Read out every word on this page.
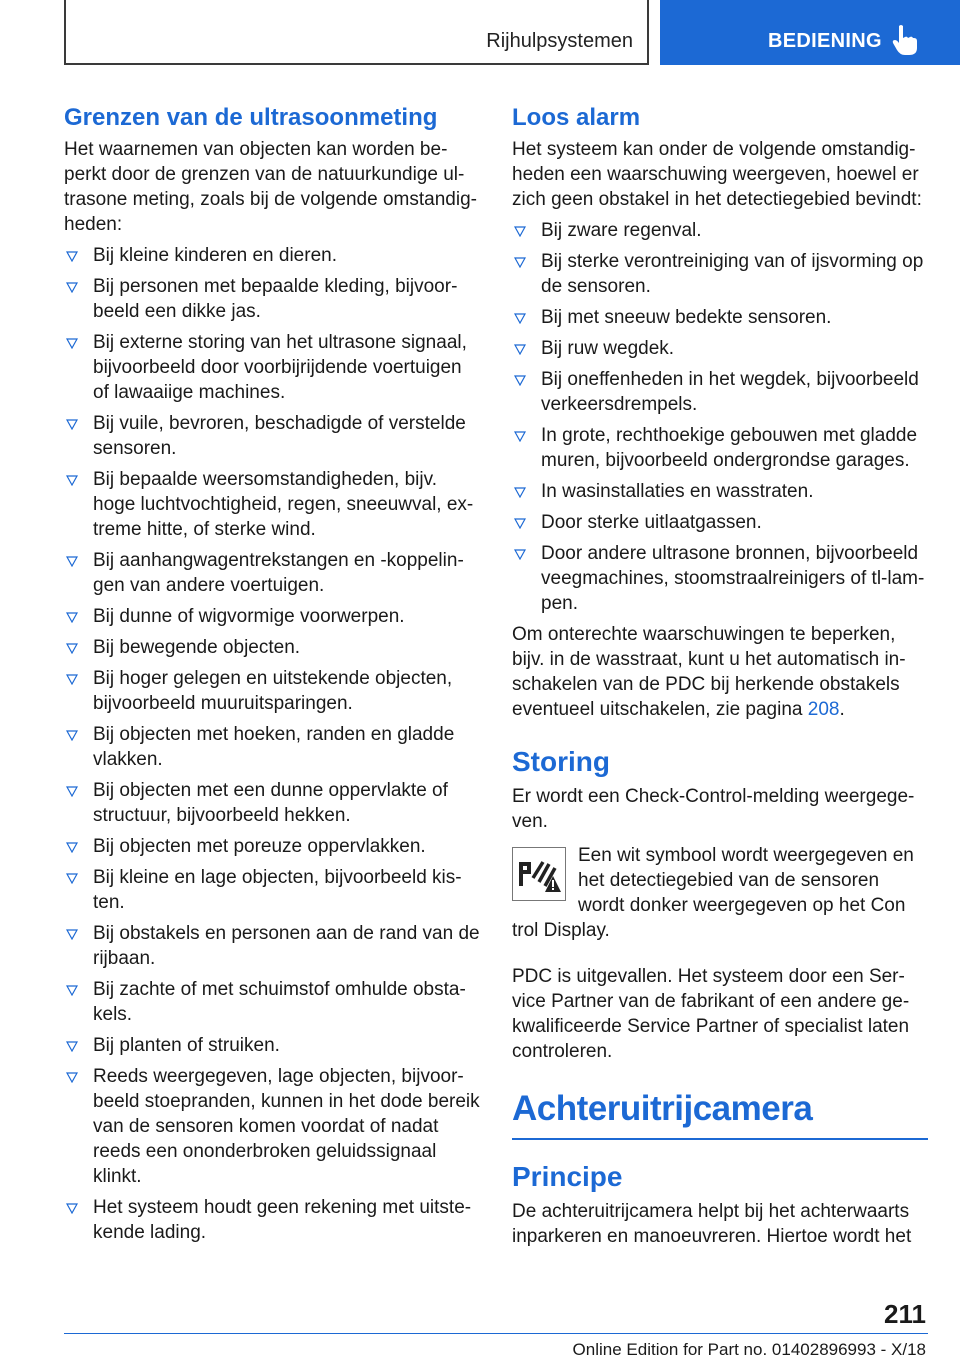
Rijhulpsystemen	BEDIENING
Grenzen van de ultrasoonmeting
Het waarnemen van objecten kan worden beperkt door de grenzen van de natuurkundige ultrasone meting, zoals bij de volgende omstandigheden:
Bij kleine kinderen en dieren.
Bij personen met bepaalde kleding, bijvoorbeeld een dikke jas.
Bij externe storing van het ultrasone signaal, bijvoorbeeld door voorbijrijdende voertuigen of lawaaiige machines.
Bij vuile, bevroren, beschadigde of verstelde sensoren.
Bij bepaalde weersomstandigheden, bijv. hoge luchtvochtigheid, regen, sneeuwval, extreme hitte, of sterke wind.
Bij aanhangwagentrekstangen en -koppelingen van andere voertuigen.
Bij dunne of wigvormige voorwerpen.
Bij bewegende objecten.
Bij hoger gelegen en uitstekende objecten, bijvoorbeeld muuruitsparingen.
Bij objecten met hoeken, randen en gladde vlakken.
Bij objecten met een dunne oppervlakte of structuur, bijvoorbeeld hekken.
Bij objecten met poreuze oppervlakken.
Bij kleine en lage objecten, bijvoorbeeld kisten.
Bij obstakels en personen aan de rand van de rijbaan.
Bij zachte of met schuimstof omhulde obstakels.
Bij planten of struiken.
Reeds weergegeven, lage objecten, bijvoorbeeld stoepranden, kunnen in het dode bereik van de sensoren komen voordat of nadat reeds een ononderbroken geluidssignaal klinkt.
Het systeem houdt geen rekening met uitstekende lading.
Loos alarm
Het systeem kan onder de volgende omstandigheden een waarschuwing weergeven, hoewel er zich geen obstakel in het detectiegebied bevindt:
Bij zware regenval.
Bij sterke verontreiniging van of ijsvorming op de sensoren.
Bij met sneeuw bedekte sensoren.
Bij ruw wegdek.
Bij oneffenheden in het wegdek, bijvoorbeeld verkeersdrempels.
In grote, rechthoekige gebouwen met gladde muren, bijvoorbeeld ondergrondse garages.
In wasinstallaties en wasstraten.
Door sterke uitlaatgassen.
Door andere ultrasone bronnen, bijvoorbeeld veegmachines, stoomstraalreinigers of tl-lampen.
Om onterechte waarschuwingen te beperken, bijv. in de wasstraat, kunt u het automatisch inschakelen van de PDC bij herkende obstakels eventueel uitschakelen, zie pagina 208.
Storing
Er wordt een Check-Control-melding weergegeven.
Een wit symbool wordt weergegeven en
het detectiegebied van de sensoren
wordt donker weergegeven op het Con
trol Display.
PDC is uitgevallen. Het systeem door een Service Partner van de fabrikant of een andere gekwalificeerde Service Partner of specialist laten controleren.
Achteruitrijcamera
Principe
De achteruitrijcamera helpt bij het achterwaarts inparkeren en manoeuvreren. Hiertoe wordt het
211
Online Edition for Part no. 01402896993 - X/18
